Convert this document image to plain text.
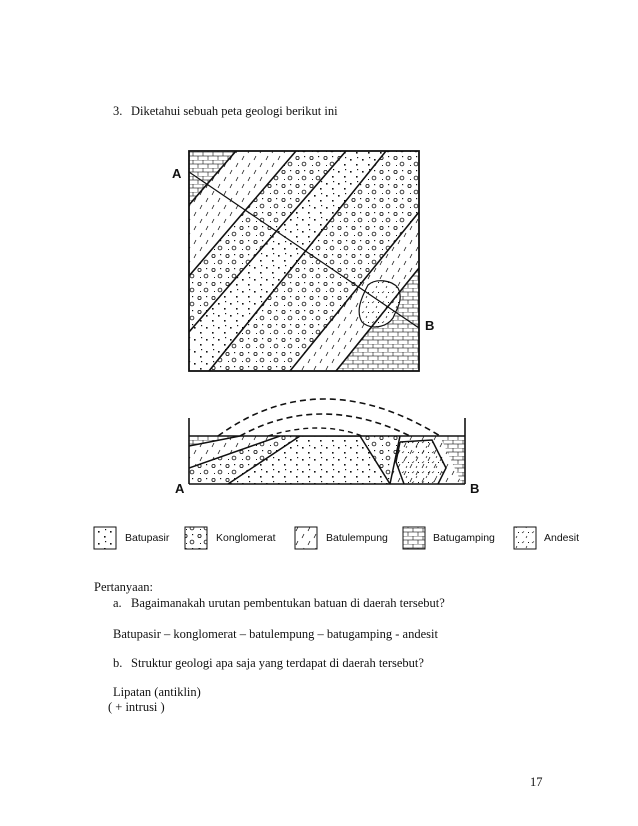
3. Diketahui sebuah peta geologi berikut ini
A
B
A	B
Batupasir	Konglomerat	Batulempung	Batugamping	Andesit
Pertanyaan:
a. Bagaimanakah urutan pembentukan batuan di daerah tersebut?
Batupasir – konglomerat – batulempung – batugamping - andesit
b. Struktur geologi apa saja yang terdapat di daerah tersebut?
Lipatan (antiklin)
( + intrusi )
17
